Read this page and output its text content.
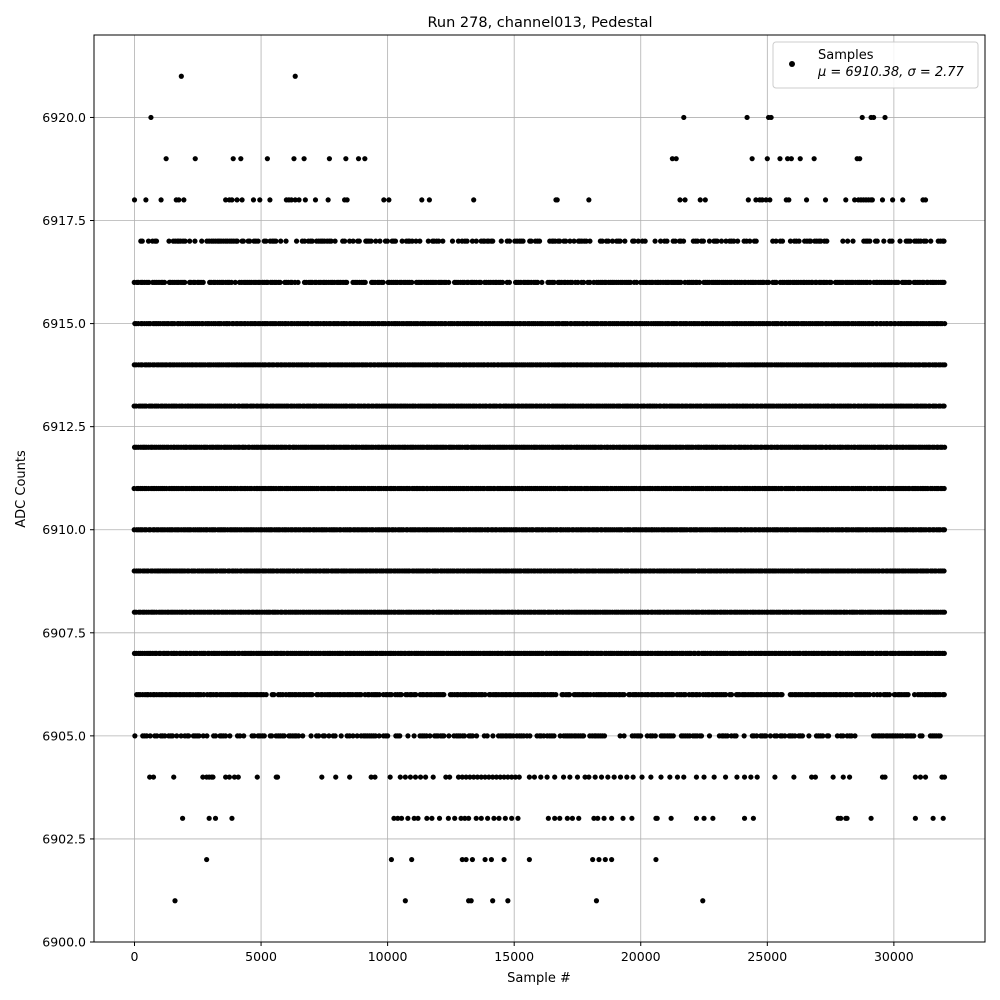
Run 278, channel013, Pedestal
0	5000	10000	15000	20000	25000	30000
6900.0
6902.5
6905.0
6907.5
6910.0
6912.5
6915.0
6917.5
6920.0
Sample #
ADC Counts
Samples
μ = 6910.38, σ = 2.77
